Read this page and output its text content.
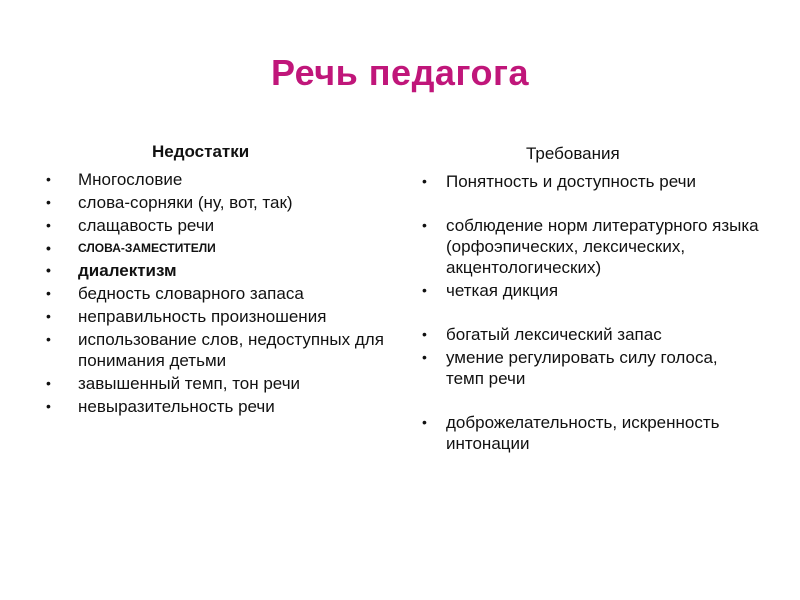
Речь педагога
Недостатки
• Многословие
• слова-сорняки (ну, вот, так)
• слащавость речи
• СЛОВА-ЗАМЕСТИТЕЛИ
• диалектизм
• бедность словарного запаса
• неправильность произношения
• использование слов, недоступных для понимания детьми
• завышенный темп, тон речи
• невыразительность речи
Требования
• Понятность и доступность речи
• соблюдение норм литературного языка (орфоэпических, лексических, акцентологических)
• четкая дикция
• богатый лексический запас
• умение регулировать силу голоса, темп речи
• доброжелательность, искренность интонации
